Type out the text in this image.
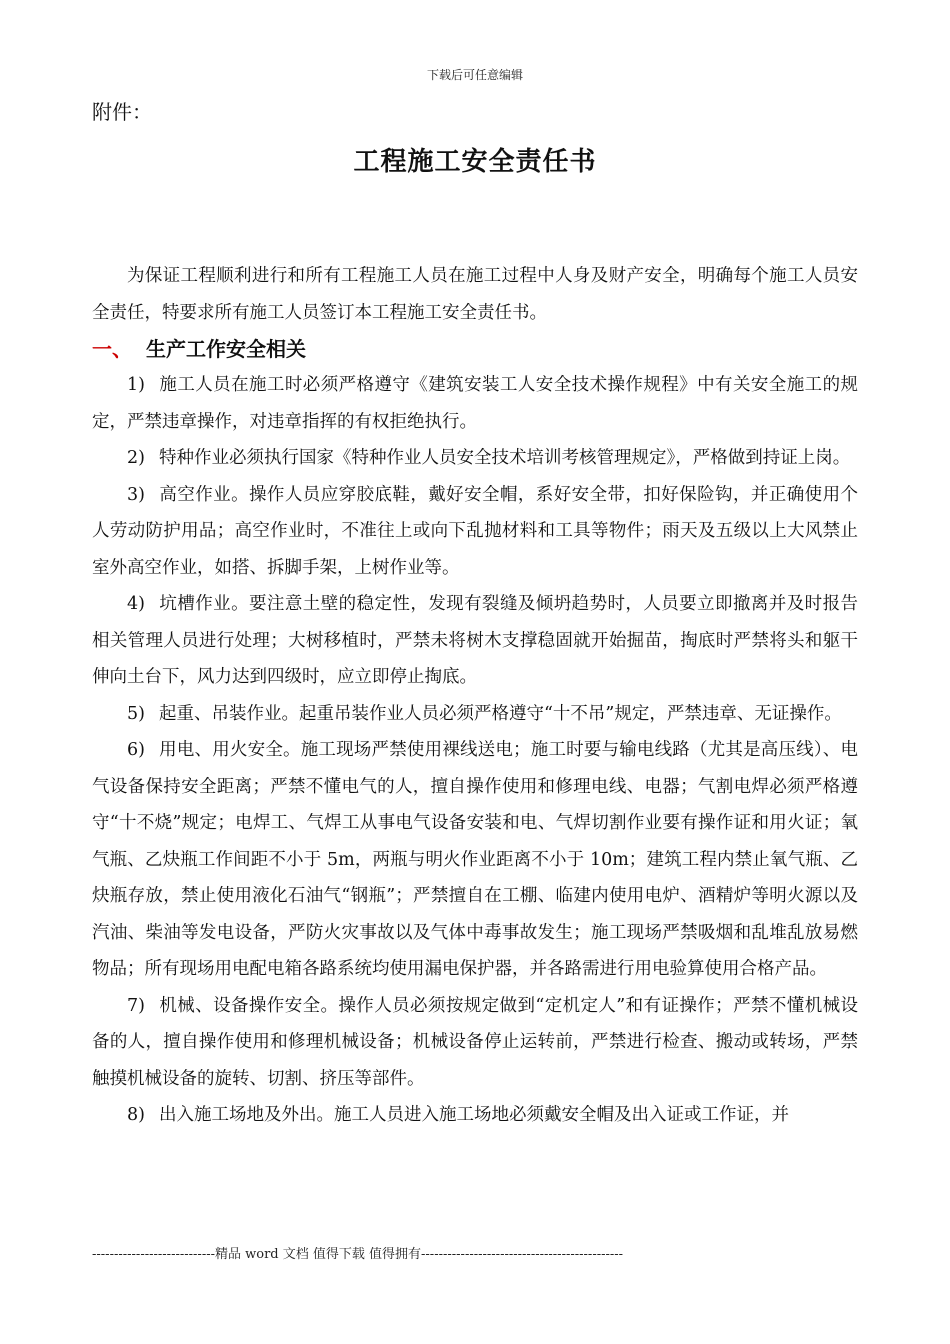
下载后可任意编辑
附件：
工程施工安全责任书

为保证工程顺利进行和所有工程施工人员在施工过程中人身及财产安全，明确每个施工人员安全责任，特要求所有施工人员签订本工程施工安全责任书。

一、 生产工作安全相关

1) 施工人员在施工时必须严格遵守《建筑安装工人安全技术操作规程》中有关安全施工的规定，严禁违章操作，对违章指挥的有权拒绝执行。

2) 特种作业必须执行国家《特种作业人员安全技术培训考核管理规定》，严格做到持证上岗。

3) 高空作业。操作人员应穿胶底鞋，戴好安全帽，系好安全带，扣好保险钩，并正确使用个人劳动防护用品；高空作业时，不准往上或向下乱抛材料和工具等物件；雨天及五级以上大风禁止室外高空作业，如搭、拆脚手架，上树作业等。

4) 坑槽作业。要注意土壁的稳定性，发现有裂缝及倾坍趋势时，人员要立即撤离并及时报告相关管理人员进行处理；大树移植时，严禁未将树木支撑稳固就开始掘苗，掏底时严禁将头和躯干伸向土台下，风力达到四级时，应立即停止掏底。

5) 起重、吊装作业。起重吊装作业人员必须严格遵守“十不吊”规定，严禁违章、无证操作。

6) 用电、用火安全。施工现场严禁使用裸线送电；施工时要与输电线路（尤其是高压线）、电气设备保持安全距离；严禁不懂电气的人，擅自操作使用和修理电线、电器；气割电焊必须严格遵守“十不烧”规定；电焊工、气焊工从事电气设备安装和电、气焊切割作业要有操作证和用火证；氧气瓶、乙炔瓶工作间距不小于 5m，两瓶与明火作业距离不小于 10m；建筑工程内禁止氧气瓶、乙炔瓶存放，禁止使用液化石油气“钢瓶”；严禁擅自在工棚、临建内使用电炉、酒精炉等明火源以及汽油、柴油等发电设备，严防火灾事故以及气体中毒事故发生；施工现场严禁吸烟和乱堆乱放易燃物品；所有现场用电配电箱各路系统均使用漏电保护器，并各路需进行用电验算使用合格产品。

7) 机械、设备操作安全。操作人员必须按规定做到“定机定人”和有证操作；严禁不懂机械设备的人，擅自操作使用和修理机械设备；机械设备停止运转前，严禁进行检查、搬动或转场，严禁触摸机械设备的旋转、切割、挤压等部件。

8) 出入施工场地及外出。施工人员进入施工场地必须戴安全帽及出入证或工作证，并

----------------------------精品 word 文档 值得下载 值得拥有----------------------------------------------
